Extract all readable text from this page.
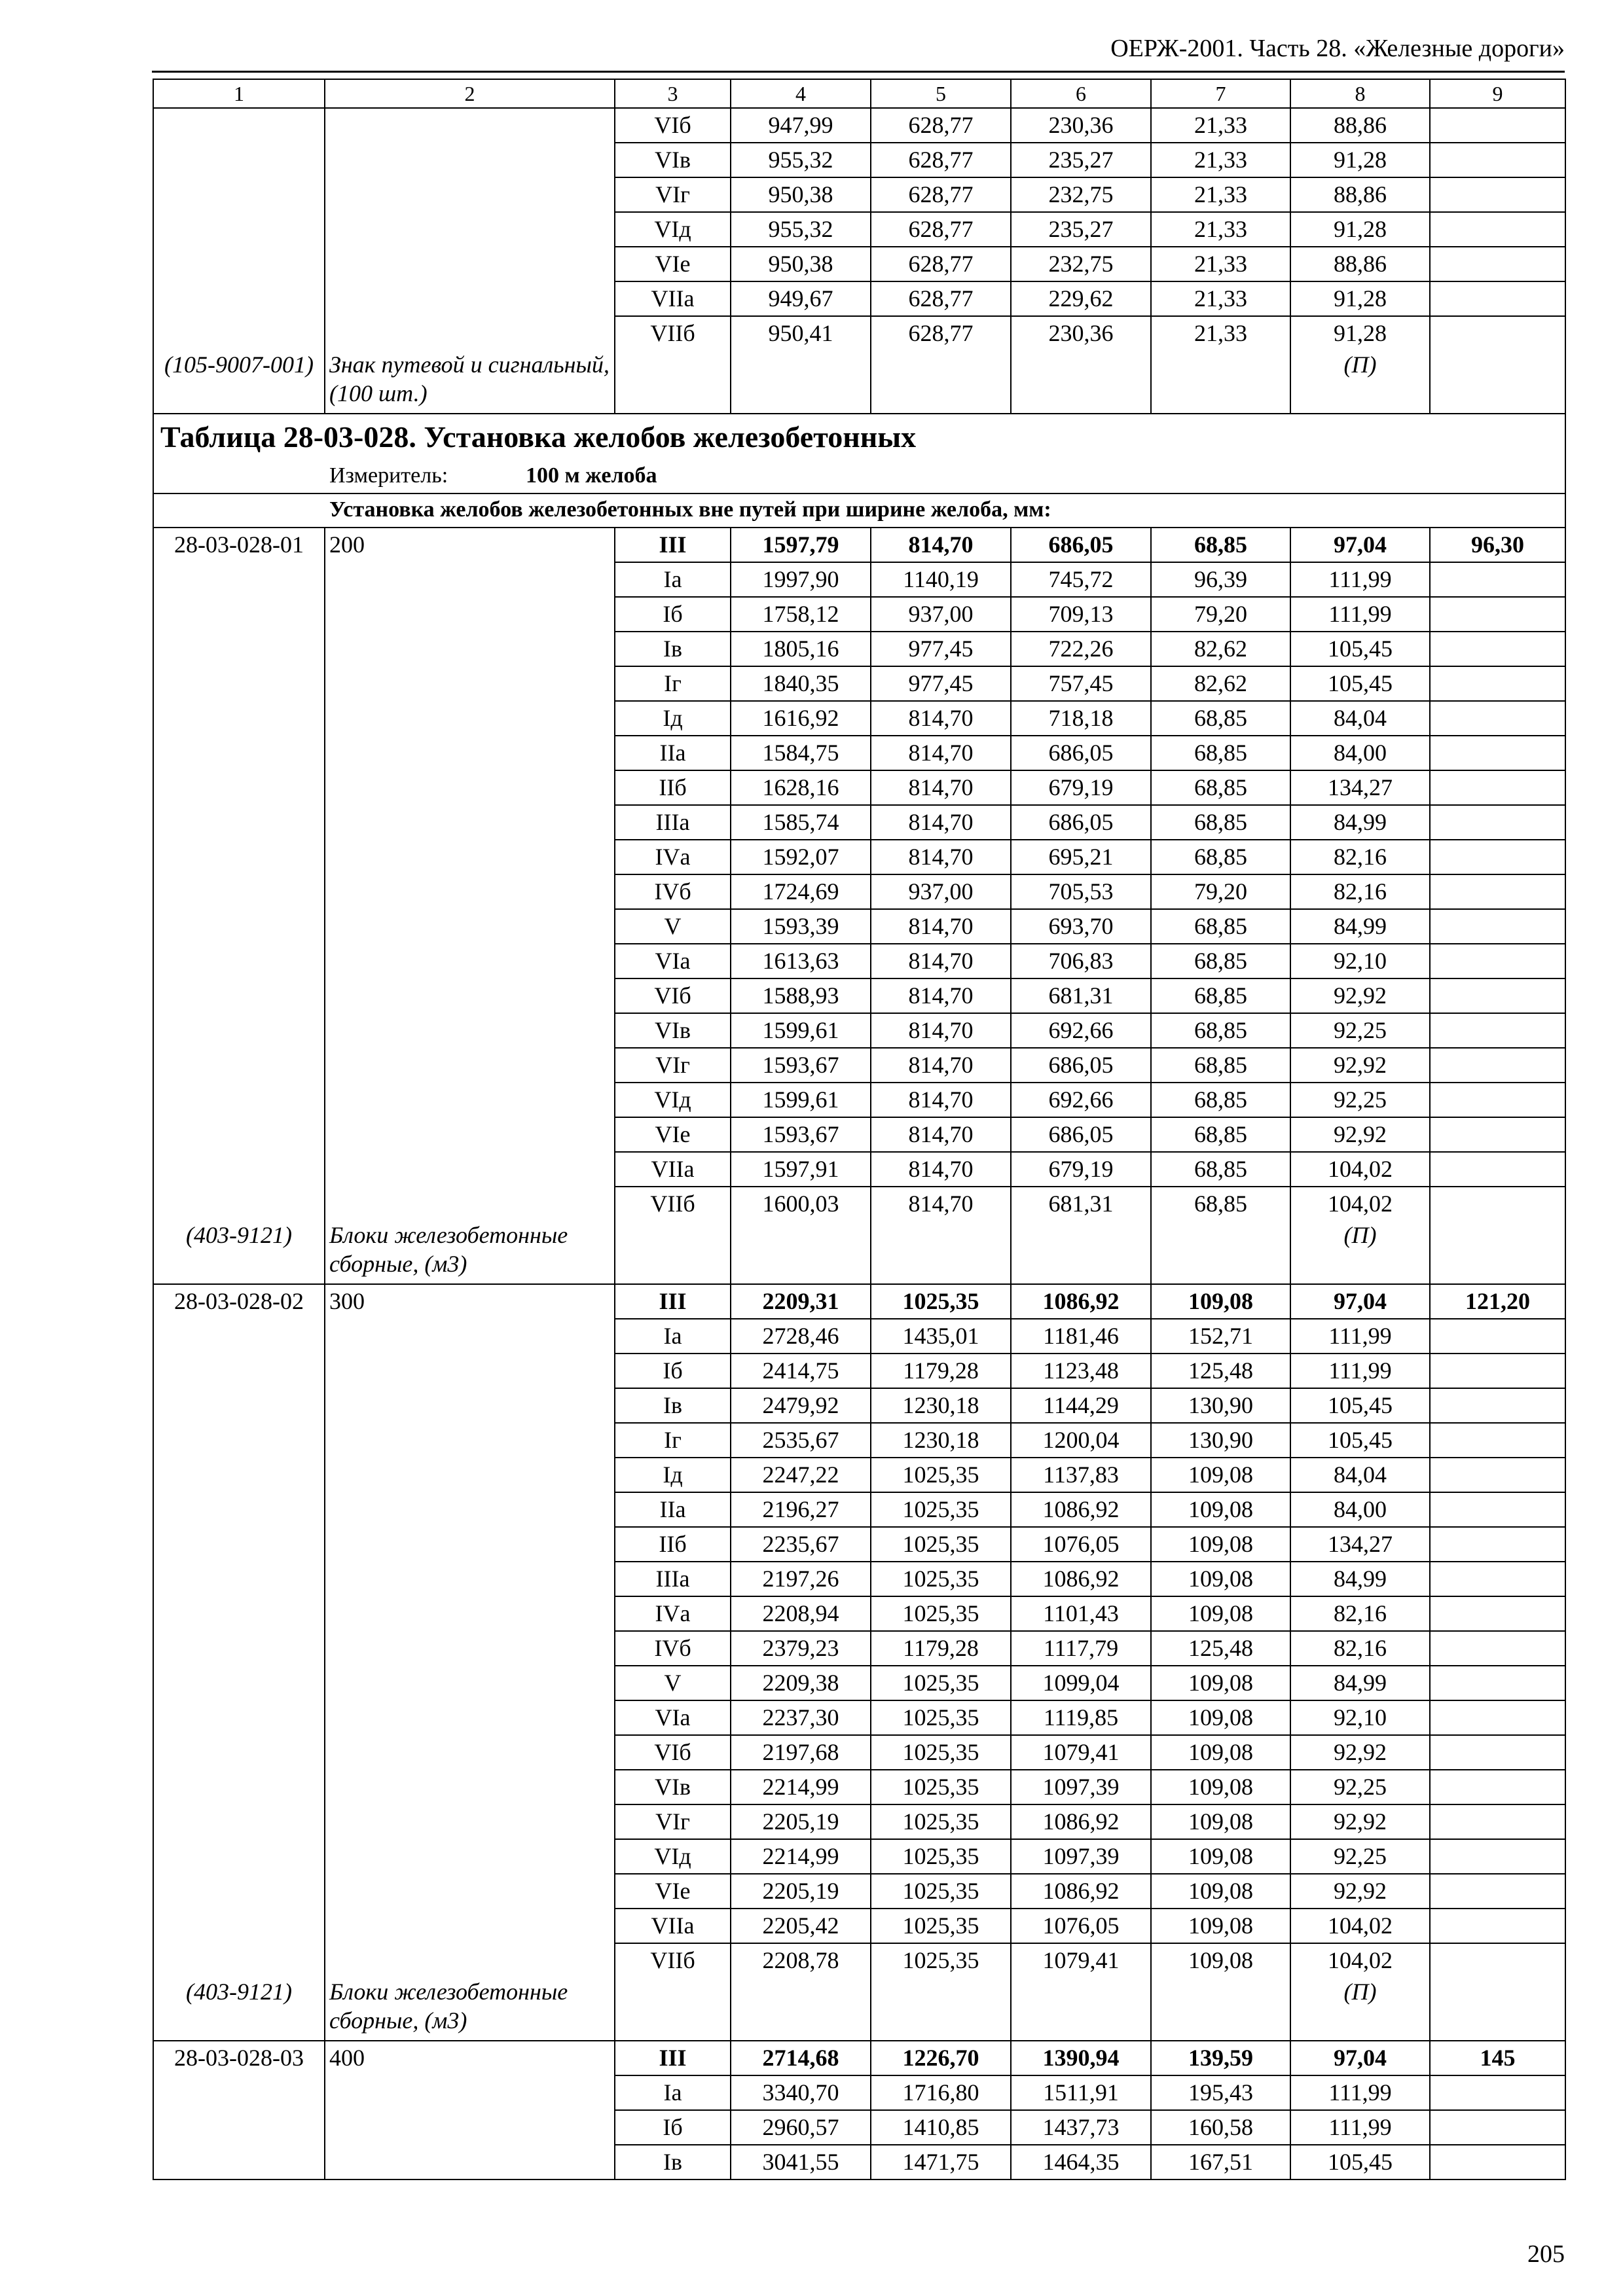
ОЕРЖ-2001. Часть 28. «Железные дороги»
1	2	3	4	5	6	7	8	9
		VIб	947,99	628,77	230,36	21,33	88,86	
		VIв	955,32	628,77	235,27	21,33	91,28	
		VIг	950,38	628,77	232,75	21,33	88,86	
		VIд	955,32	628,77	235,27	21,33	91,28	
		VIе	950,38	628,77	232,75	21,33	88,86	
		VIIа	949,67	628,77	229,62	21,33	91,28	
		VIIб	950,41	628,77	230,36	21,33	91,28	
(105-9007-001)	Знак путевой и сигнальный, (100 шт.)						(П)	
Таблица 28-03-028. Установка желобов железобетонных								
Измеритель: 100 м желоба								
Установка желобов железобетонных вне путей при ширине желоба, мм:								
28-03-028-01	200	III	1597,79	814,70	686,05	68,85	97,04	96,30
		Iа	1997,90	1140,19	745,72	96,39	111,99	
		Iб	1758,12	937,00	709,13	79,20	111,99	
		Iв	1805,16	977,45	722,26	82,62	105,45	
		Iг	1840,35	977,45	757,45	82,62	105,45	
		Iд	1616,92	814,70	718,18	68,85	84,04	
		IIа	1584,75	814,70	686,05	68,85	84,00	
		IIб	1628,16	814,70	679,19	68,85	134,27	
		IIIа	1585,74	814,70	686,05	68,85	84,99	
		IVа	1592,07	814,70	695,21	68,85	82,16	
		IVб	1724,69	937,00	705,53	79,20	82,16	
		V	1593,39	814,70	693,70	68,85	84,99	
		VIа	1613,63	814,70	706,83	68,85	92,10	
		VIб	1588,93	814,70	681,31	68,85	92,92	
		VIв	1599,61	814,70	692,66	68,85	92,25	
		VIг	1593,67	814,70	686,05	68,85	92,92	
		VIд	1599,61	814,70	692,66	68,85	92,25	
		VIе	1593,67	814,70	686,05	68,85	92,92	
		VIIа	1597,91	814,70	679,19	68,85	104,02	
		VIIб	1600,03	814,70	681,31	68,85	104,02	
(403-9121)	Блоки железобетонные сборные, (м3)						(П)	
28-03-028-02	300	III	2209,31	1025,35	1086,92	109,08	97,04	121,20
		Iа	2728,46	1435,01	1181,46	152,71	111,99	
		Iб	2414,75	1179,28	1123,48	125,48	111,99	
		Iв	2479,92	1230,18	1144,29	130,90	105,45	
		Iг	2535,67	1230,18	1200,04	130,90	105,45	
		Iд	2247,22	1025,35	1137,83	109,08	84,04	
		IIа	2196,27	1025,35	1086,92	109,08	84,00	
		IIб	2235,67	1025,35	1076,05	109,08	134,27	
		IIIа	2197,26	1025,35	1086,92	109,08	84,99	
		IVа	2208,94	1025,35	1101,43	109,08	82,16	
		IVб	2379,23	1179,28	1117,79	125,48	82,16	
		V	2209,38	1025,35	1099,04	109,08	84,99	
		VIа	2237,30	1025,35	1119,85	109,08	92,10	
		VIб	2197,68	1025,35	1079,41	109,08	92,92	
		VIв	2214,99	1025,35	1097,39	109,08	92,25	
		VIг	2205,19	1025,35	1086,92	109,08	92,92	
		VIд	2214,99	1025,35	1097,39	109,08	92,25	
		VIе	2205,19	1025,35	1086,92	109,08	92,92	
		VIIа	2205,42	1025,35	1076,05	109,08	104,02	
		VIIб	2208,78	1025,35	1079,41	109,08	104,02	
(403-9121)	Блоки железобетонные сборные, (м3)						(П)	
28-03-028-03	400	III	2714,68	1226,70	1390,94	139,59	97,04	145
		Iа	3340,70	1716,80	1511,91	195,43	111,99	
		Iб	2960,57	1410,85	1437,73	160,58	111,99	
		Iв	3041,55	1471,75	1464,35	167,51	105,45	
205
